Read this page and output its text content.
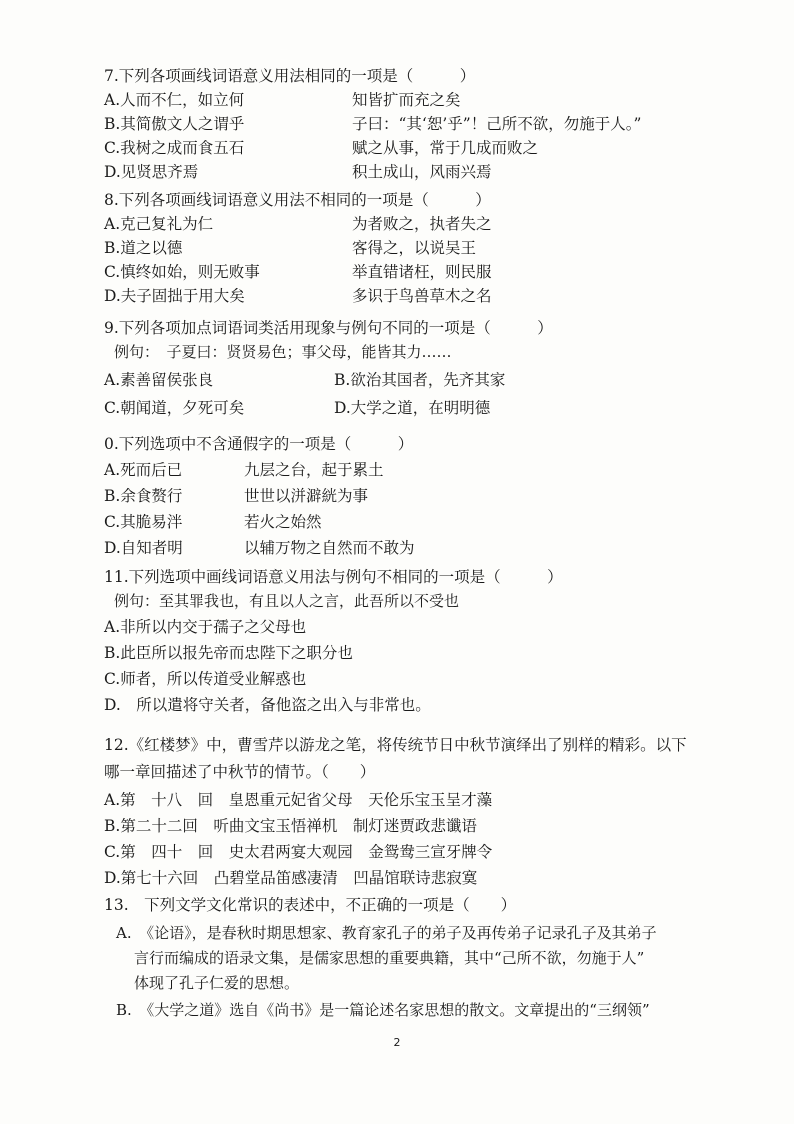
7.下列各项画线词语意义用法相同的一项是（　　　）
A.人而不仁，如立何	知皆扩而充之矣
B.其简傲文人之谓乎	子曰：“其‘恕’乎”！己所不欲，勿施于人。”
C.我树之成而食五石	赋之从事，常于几成而败之
D.见贤思齐焉	积土成山，风雨兴焉
8.下列各项画线词语意义用法不相同的一项是（　　　）
A.克己复礼为仁	为者败之，执者失之
B.道之以德	客得之，以说吴王
C.慎终如始，则无败事	举直错诸枉，则民服
D.夫子固拙于用大矣	多识于鸟兽草木之名
9.下列各项加点词语词类活用现象与例句不同的一项是（　　　）
例句：　子夏曰：贤贤易色；事父母，能皆其力……
A.素善留侯张良	B.欲治其国者，先齐其家
C.朝闻道，夕死可矣	D.大学之道，在明明德
0.下列选项中不含通假字的一项是（　　　）
A.死而后已	九层之台，起于累土
B.余食赘行	世世以洴澼絖为事
C.其脆易泮	若火之始然
D.自知者明	以辅万物之自然而不敢为
11.下列选项中画线词语意义用法与例句不相同的一项是（　　　）
例句：至其罪我也，有且以人之言，此吾所以不受也
A.非所以内交于孺子之父母也
B.此臣所以报先帝而忠陛下之职分也
C.师者，所以传道受业解惑也
D.　所以遣将守关者，备他盗之出入与非常也。
12.《红楼梦》中，曹雪芹以游龙之笔，将传统节日中秋节演绎出了别样的精彩。以下
哪一章回描述了中秋节的情节。（　　）
A.第　十八　回　皇恩重元妃省父母　天伦乐宝玉呈才藻
B.第二十二回　听曲文宝玉悟禅机　制灯迷贾政悲谶语
C.第　四十　回　史太君两宴大观园　金鸳鸯三宣牙牌令
D.第七十六回　凸碧堂品笛感凄清　凹晶馆联诗悲寂寞
13.　下列文学文化常识的表述中，不正确的一项是（　　）
A.　《论语》，是春秋时期思想家、教育家孔子的弟子及再传弟子记录孔子及其弟子
言行而编成的语录文集，是儒家思想的重要典籍，其中“己所不欲，勿施于人”
体现了孔子仁爱的思想。
B.　《大学之道》选自《尚书》是一篇论述名家思想的散文。文章提出的“三纲领”
2
